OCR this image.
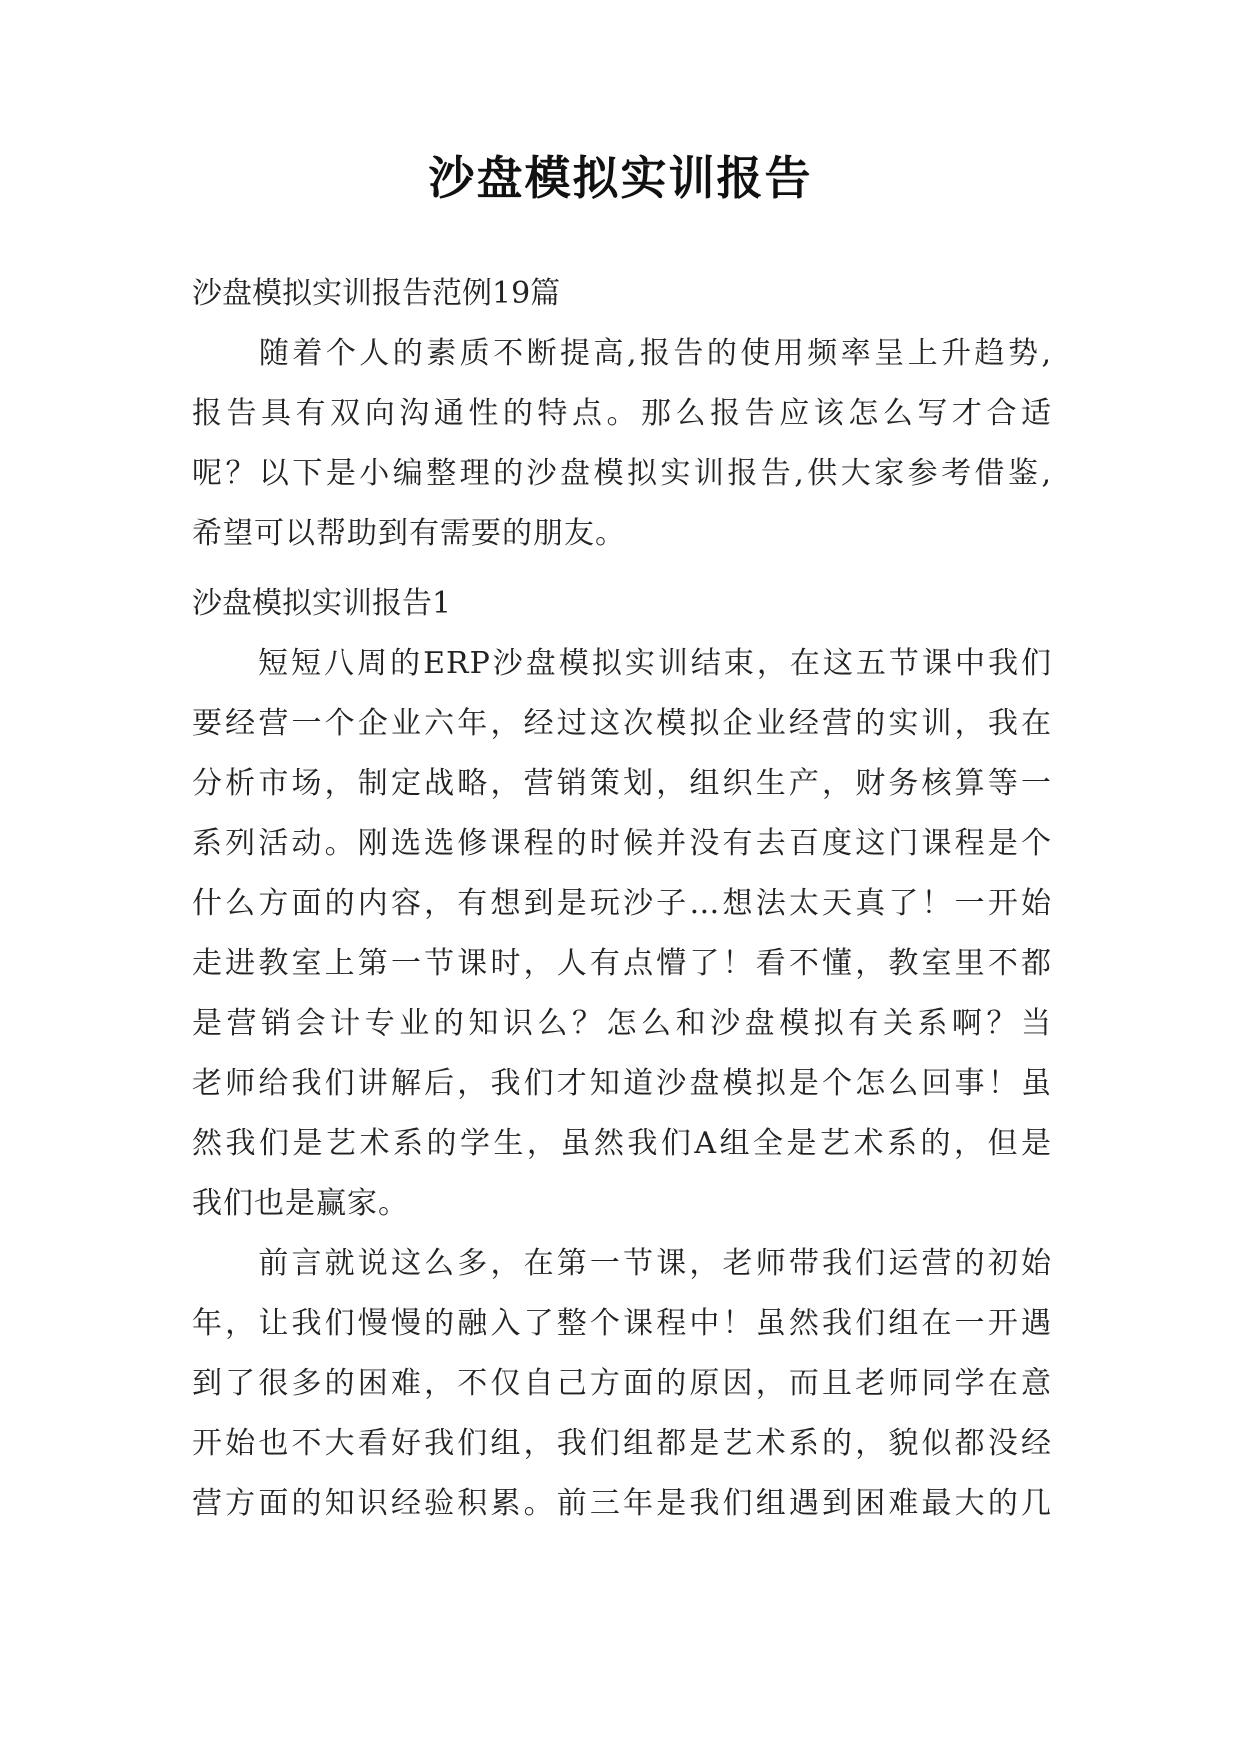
沙盘模拟实训报告
沙盘模拟实训报告范例19篇
　　随着个人的素质不断提高,报告的使用频率呈上升趋势,
报告具有双向沟通性的特点。那么报告应该怎么写才合适
呢？以下是小编整理的沙盘模拟实训报告,供大家参考借鉴,
希望可以帮助到有需要的朋友。
沙盘模拟实训报告1
　　短短八周的ERP沙盘模拟实训结束，在这五节课中我们
要经营一个企业六年，经过这次模拟企业经营的实训，我在
分析市场，制定战略，营销策划，组织生产，财务核算等一
系列活动。刚选选修课程的时候并没有去百度这门课程是个
什么方面的内容，有想到是玩沙子…想法太天真了！一开始
走进教室上第一节课时，人有点懵了！看不懂，教室里不都
是营销会计专业的知识么？怎么和沙盘模拟有关系啊？当
老师给我们讲解后，我们才知道沙盘模拟是个怎么回事！虽
然我们是艺术系的学生，虽然我们A组全是艺术系的，但是
我们也是赢家。
　　前言就说这么多，在第一节课，老师带我们运营的初始
年，让我们慢慢的融入了整个课程中！虽然我们组在一开遇
到了很多的困难，不仅自己方面的原因，而且老师同学在意
开始也不大看好我们组，我们组都是艺术系的，貌似都没经
营方面的知识经验积累。前三年是我们组遇到困难最大的几
